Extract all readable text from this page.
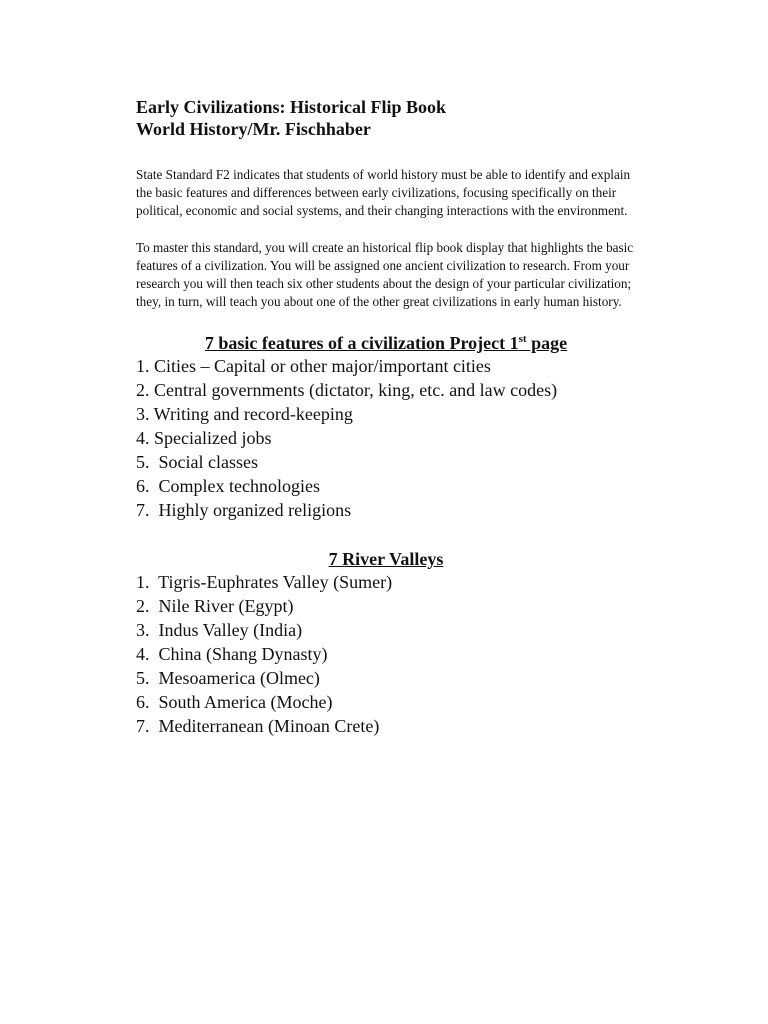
Early Civilizations: Historical Flip Book

World History/Mr. Fischhaber

State Standard F2 indicates that students of world history must be able to identify and explain the basic features and differences between early civilizations, focusing specifically on their political, economic and social systems, and their changing interactions with the environment.

To master this standard, you will create an historical flip book display that highlights the basic features of a civilization. You will be assigned one ancient civilization to research. From your research you will then teach six other students about the design of your particular civilization; they, in turn, will teach you about one of the other great civilizations in early human history.

7 basic features of a civilization Project 1st page

1. Cities – Capital or other major/important cities
2. Central governments (dictator, king, etc. and law codes)
3. Writing and record-keeping
4. Specialized jobs
5.  Social classes
6.  Complex technologies
7.  Highly organized religions

7 River Valleys

1.  Tigris-Euphrates Valley (Sumer)
2.  Nile River (Egypt)
3.  Indus Valley (India)
4.  China (Shang Dynasty)
5.  Mesoamerica (Olmec)
6.  South America (Moche)
7.  Mediterranean (Minoan Crete)
